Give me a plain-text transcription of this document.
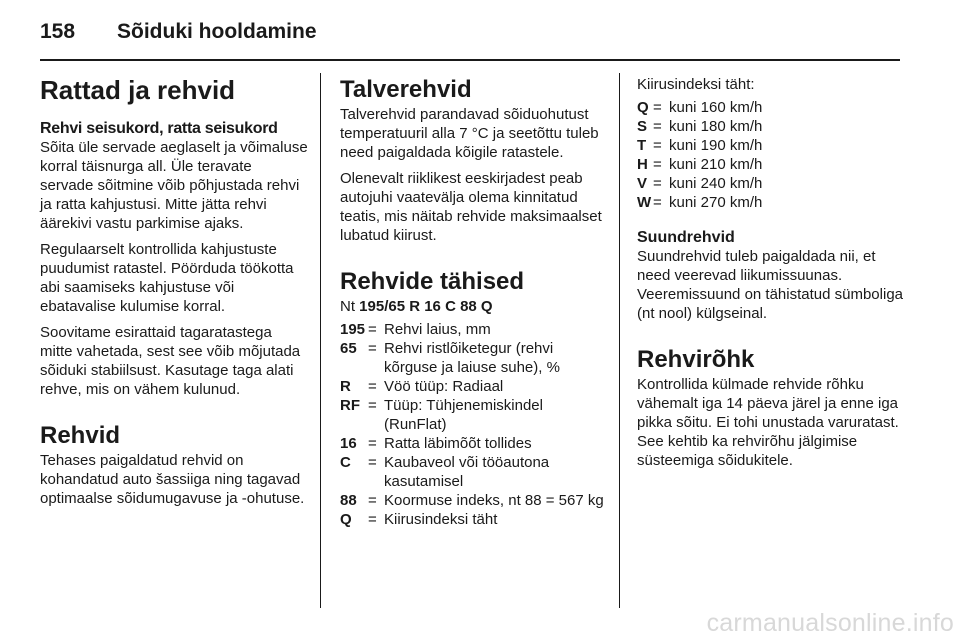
158 Sõiduki hooldamine
Rattad ja rehvid
Rehvi seisukord, ratta seisukord

Sõita üle servade aeglaselt ja võimaluse korral täisnurga all. Üle teravate servade sõitmine võib põhjustada rehvi ja ratta kahjustusi. Mitte jätta rehvi äärekivi vastu parkimise ajaks.

Regulaarselt kontrollida kahjustuste puudumist ratastel. Pöörduda töökotta abi saamiseks kahjustuse või ebatavalise kulumise korral.

Soovitame esirattaid tagaratastega mitte vahetada, sest see võib mõjutada sõiduki stabiilsust. Kasutage taga alati rehve, mis on vähem kulunud.

Rehvid

Tehases paigaldatud rehvid on kohandatud auto šassiiga ning tagavad optimaalse sõidumugavuse ja -ohutuse.

Talverehvid

Talverehvid parandavad sõiduohutust temperatuuril alla 7 °C ja seetõttu tuleb need paigaldada kõigile ratastele.

Olenevalt riiklikest eeskirjadest peab autojuhi vaatevälja olema kinnitatud teatis, mis näitab rehvide maksimaalset lubatud kiirust.

Rehvide tähised

Nt 195/65 R 16 C 88 Q

195 = Rehvi laius, mm
65 = Rehvi ristlõiketegur (rehvi kõrguse ja laiuse suhe), %
R	= Vöö tüüp: Radiaal
RF = Tüüp: Tühjenemiskindel (RunFlat)
16 = Ratta läbimõõt tollides
C	= Kaubaveol või tööautona kasutamisel
88 = Koormuse indeks, nt 88 = 567 kg
Q	= Kiirusindeksi täht

Kiirusindeksi täht:

Q = kuni 160 km/h
S = kuni 180 km/h
T = kuni 190 km/h
H = kuni 210 km/h
V = kuni 240 km/h
W = kuni 270 km/h
Suundrehvid

Suundrehvid tuleb paigaldada nii, et need veerevad liikumissuunas. Veeremissuund on tähistatud sümboliga (nt nool) külgseinal.

Rehvirõhk

Kontrollida külmade rehvide rõhku vähemalt iga 14 päeva järel ja enne iga pikka sõitu. Ei tohi unustada varuratast. See kehtib ka rehvirõhu jälgimise süsteemiga sõidukitele.

carmanualsonline.info
